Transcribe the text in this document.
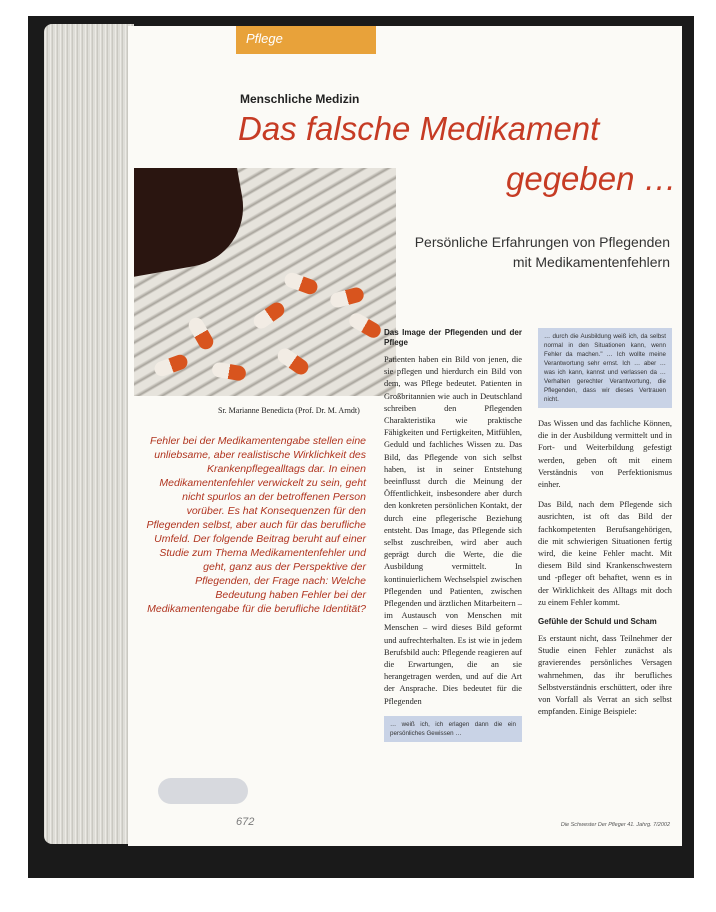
Pflege
Menschliche Medizin
Das falsche Medikament
gegeben …
Persönliche Erfahrungen von Pflegenden
mit Medikamentenfehlern
Sr. Marianne Benedicta (Prof. Dr. M. Arndt)
Fehler bei der Medikamentengabe stellen eine unliebsame, aber realistische Wirklichkeit des Krankenpflegealltags dar. In einen Medikamentenfehler verwickelt zu sein, geht nicht spurlos an der betroffenen Person vorüber. Es hat Konsequenzen für den Pflegenden selbst, aber auch für das berufliche Umfeld. Der folgende Beitrag beruht auf einer Studie zum Thema Medikamentenfehler und geht, ganz aus der Perspektive der Pflegenden, der Frage nach: Welche Bedeutung haben Fehler bei der Medikamentengabe für die berufliche Identität?
Das Image der Pflegenden und der Pflege

Patienten haben ein Bild von jenen, die sie pflegen und hierdurch ein Bild von dem, was Pflege bedeutet. Patienten in Großbritannien wie auch in Deutschland schreiben den Pflegenden Charakteristika wie praktische Fähigkeiten und Fertigkeiten, Mitfühlen, Geduld und fachliches Wissen zu. Das Bild, das Pflegende von sich selbst haben, ist in seiner Entstehung beeinflusst durch die Meinung der Öffentlichkeit, insbesondere aber durch den konkreten persönlichen Kontakt, der durch eine pflegerische Beziehung entsteht. Das Image, das Pflegende sich selbst zuschreiben, wird aber auch geprägt durch die Werte, die die Ausbildung vermittelt. In kontinuierlichem Wechselspiel zwischen Pflegenden und Patienten, zwischen Pflegenden und ärztlichen Mitarbeitern – im Austausch von Menschen mit Menschen – wird dieses Bild geformt und aufrechterhalten. Es ist wie in jedem Berufsbild auch: Pflegende reagieren auf die Erwartungen, die an sie herangetragen werden, und auf die Art der Ansprache. Dies bedeutet für die Pflegenden

… weiß ich, ich erlagen dann die ein persönliches Gewissen …
… durch die Ausbildung weiß ich, da selbst normal in den Situationen kann, wenn Fehler da machen." … Ich wollte meine Verantwortung sehr ernst. Ich … aber … was ich kann, kannst und verlassen da … Verhalten gerechter Verantwortung, die Pflegenden, dass wir dieses Vertrauen nicht.

Das Wissen und das fachliche Können, die in der Ausbildung vermittelt und in Fort- und Weiterbildung gefestigt werden, geben oft mit einem Verständnis von Perfektionismus einher.

Das Bild, nach dem Pflegende sich ausrichten, ist oft das Bild der fachkompetenten Berufsangehörigen, die mit schwierigen Situationen fertig wird, die keine Fehler macht. Mit diesem Bild sind Krankenschwestern und -pfleger oft behaftet, wenn es in der Wirklichkeit des Alltags mit doch zu einem Fehler kommt.

Gefühle der Schuld und Scham

Es erstaunt nicht, dass Teilnehmer der Studie einen Fehler zunächst als gravierendes persönliches Versagen wahrnehmen, das ihr berufliches Selbstverständnis erschüttert, oder ihre von Vorfall als Verrat an sich selbst empfanden. Einige Beispiele:

672	Die Schwester Der Pfleger 41. Jahrg. 7/2002
